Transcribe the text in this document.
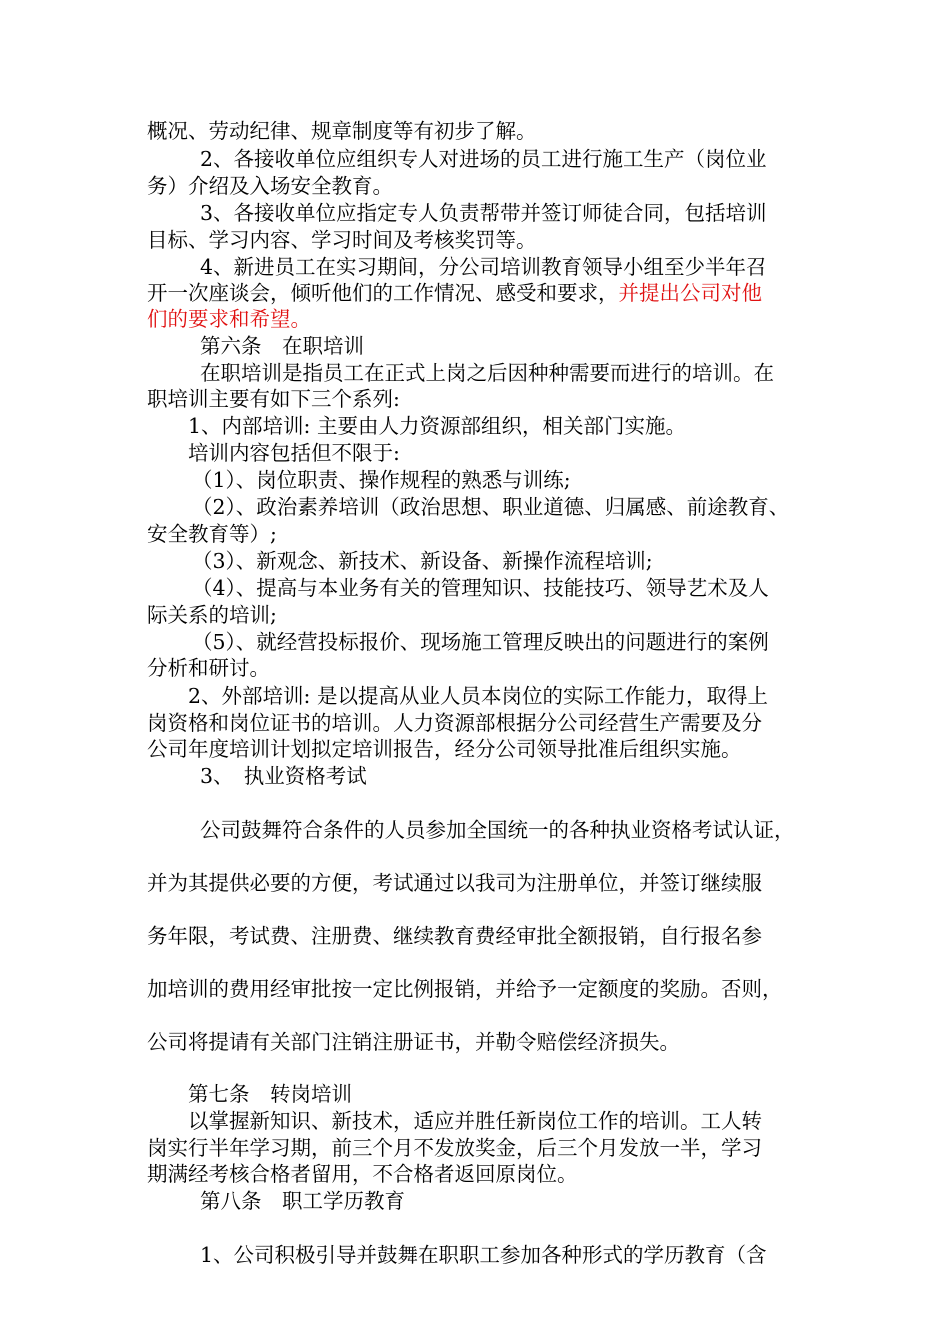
概况、劳动纪律、规章制度等有初步了解。
2、各接收单位应组织专人对进场的员工进行施工生产（岗位业
务）介绍及入场安全教育。
3、各接收单位应指定专人负责帮带并签订师徒合同，包括培训
目标、学习内容、学习时间及考核奖罚等。
4、新进员工在实习期间，分公司培训教育领导小组至少半年召
开一次座谈会，倾听他们的工作情况、感受和要求，并提出公司对他
们的要求和希望。
第六条　在职培训
在职培训是指员工在正式上岗之后因种种需要而进行的培训。在
职培训主要有如下三个系列:
1、内部培训: 主要由人力资源部组织，相关部门实施。
培训内容包括但不限于:
（1）、岗位职责、操作规程的熟悉与训练;
（2）、政治素养培训（政治思想、职业道德、归属感、前途教育、
安全教育等）;
（3）、新观念、新技术、新设备、新操作流程培训;
（4）、提高与本业务有关的管理知识、技能技巧、领导艺术及人
际关系的培训;
（5）、就经营投标报价、现场施工管理反映出的问题进行的案例
分析和研讨。
2、外部培训: 是以提高从业人员本岗位的实际工作能力，取得上
岗资格和岗位证书的培训。人力资源部根据分公司经营生产需要及分
公司年度培训计划拟定培训报告，经分公司领导批准后组织实施。
3、　执业资格考试
公司鼓舞符合条件的人员参加全国统一的各种执业资格考试认证，
并为其提供必要的方便，考试通过以我司为注册单位，并签订继续服
务年限，考试费、注册费、继续教育费经审批全额报销，自行报名参
加培训的费用经审批按一定比例报销，并给予一定额度的奖励。否则，
公司将提请有关部门注销注册证书，并勒令赔偿经济损失。
第七条　转岗培训
以掌握新知识、新技术，适应并胜任新岗位工作的培训。工人转
岗实行半年学习期，前三个月不发放奖金，后三个月发放一半，学习
期满经考核合格者留用，不合格者返回原岗位。
第八条　职工学历教育
1、公司积极引导并鼓舞在职职工参加各种形式的学历教育（含
